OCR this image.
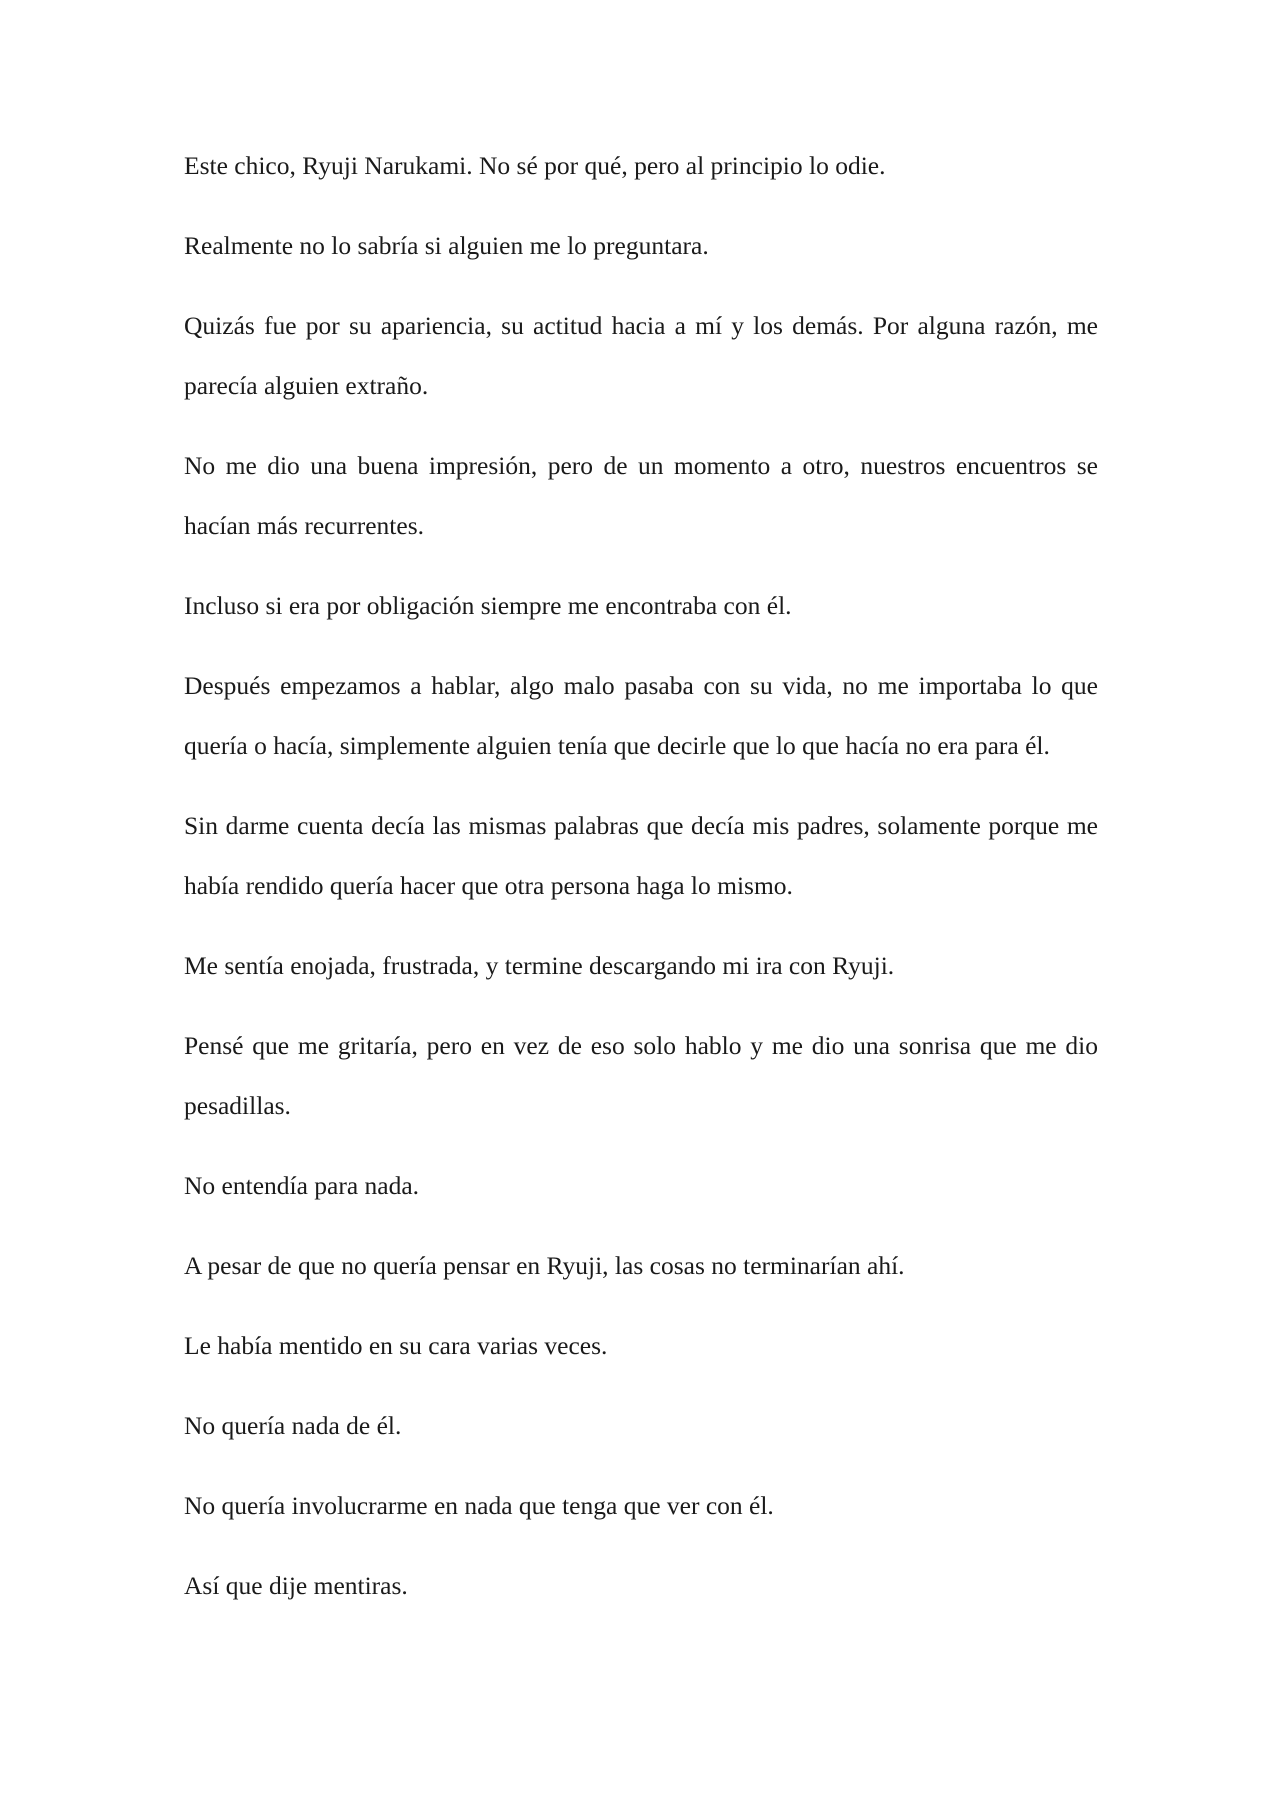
Este chico, Ryuji Narukami. No sé por qué, pero al principio lo odie.

Realmente no lo sabría si alguien me lo preguntara.

Quizás fue por su apariencia, su actitud hacia a mí y los demás. Por alguna razón, me parecía alguien extraño.

No me dio una buena impresión, pero de un momento a otro, nuestros encuentros se hacían más recurrentes.

Incluso si era por obligación siempre me encontraba con él.

Después empezamos a hablar, algo malo pasaba con su vida, no me importaba lo que quería o hacía, simplemente alguien tenía que decirle que lo que hacía no era para él.

Sin darme cuenta decía las mismas palabras que decía mis padres, solamente porque me había rendido quería hacer que otra persona haga lo mismo.

Me sentía enojada, frustrada, y termine descargando mi ira con Ryuji.

Pensé que me gritaría, pero en vez de eso solo hablo y me dio una sonrisa que me dio pesadillas.

No entendía para nada.

A pesar de que no quería pensar en Ryuji, las cosas no terminarían ahí.

Le había mentido en su cara varias veces.

No quería nada de él.

No quería involucrarme en nada que tenga que ver con él.

Así que dije mentiras.
